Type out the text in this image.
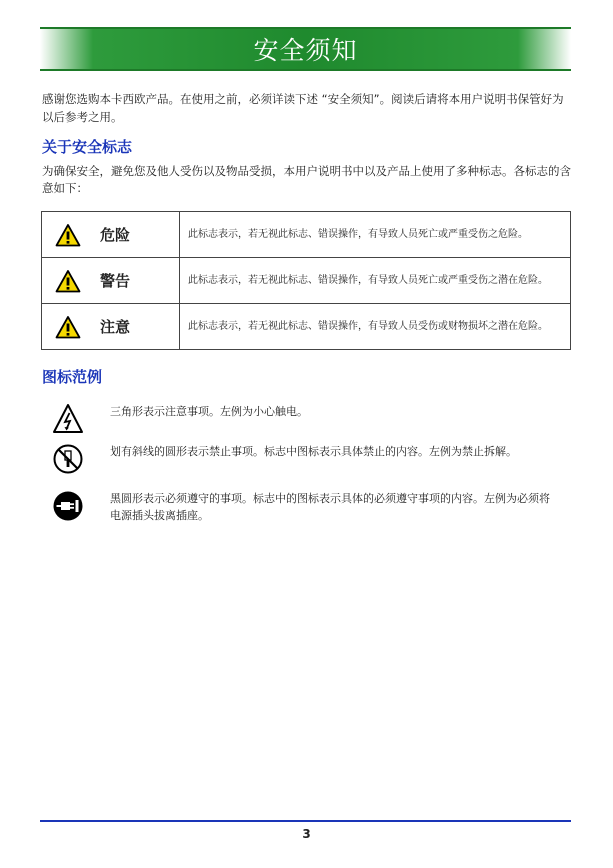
安全须知

感谢您选购本卡西欧产品。在使用之前，必须详读下述 “安全须知”。阅读后请将本用户说明书保管好为以后参考之用。

关于安全标志

为确保安全，避免您及他人受伤以及物品受损，本用户说明书中以及产品上使用了多种标志。各标志的含意如下：

危险	此标志表示，若无视此标志、错误操作，有导致人员死亡或严重受伤之危险。

警告	此标志表示，若无视此标志、错误操作，有导致人员死亡或严重受伤之潜在危险。

注意	此标志表示，若无视此标志、错误操作，有导致人员受伤或财物损坏之潜在危险。
图标范例
三角形表示注意事项。左例为小心触电。
划有斜线的圆形表示禁止事项。标志中图标表示具体禁止的内容。左例为禁止拆解。
黑圆形表示必须遵守的事项。标志中的图标表示具体的必须遵守事项的内容。左例为必须将电源插头拔离插座。
3
